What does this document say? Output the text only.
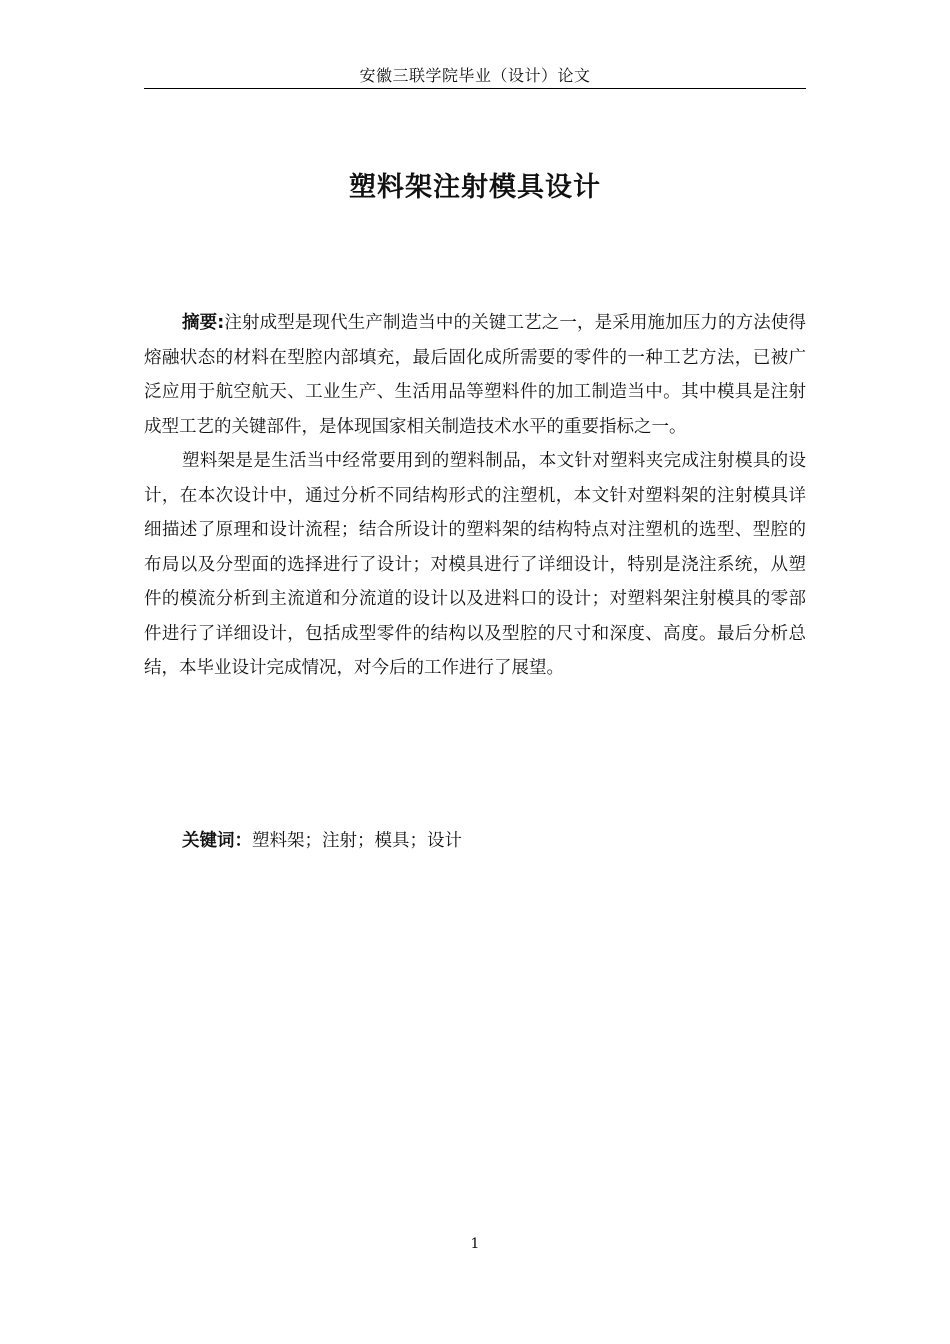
安徽三联学院毕业（设计）论文
塑料架注射模具设计

摘要:注射成型是现代生产制造当中的关键工艺之一，是采用施加压力的方法使得熔融状态的材料在型腔内部填充，最后固化成所需要的零件的一种工艺方法，已被广泛应用于航空航天、工业生产、生活用品等塑料件的加工制造当中。其中模具是注射成型工艺的关键部件，是体现国家相关制造技术水平的重要指标之一。

塑料架是是生活当中经常要用到的塑料制品，本文针对塑料夹完成注射模具的设计，在本次设计中，通过分析不同结构形式的注塑机，本文针对塑料架的注射模具详细描述了原理和设计流程；结合所设计的塑料架的结构特点对注塑机的选型、型腔的布局以及分型面的选择进行了设计；对模具进行了详细设计，特别是浇注系统，从塑件的模流分析到主流道和分流道的设计以及进料口的设计；对塑料架注射模具的零部件进行了详细设计，包括成型零件的结构以及型腔的尺寸和深度、高度。最后分析总结，本毕业设计完成情况，对今后的工作进行了展望。

关键词：塑料架；注射；模具；设计
1
